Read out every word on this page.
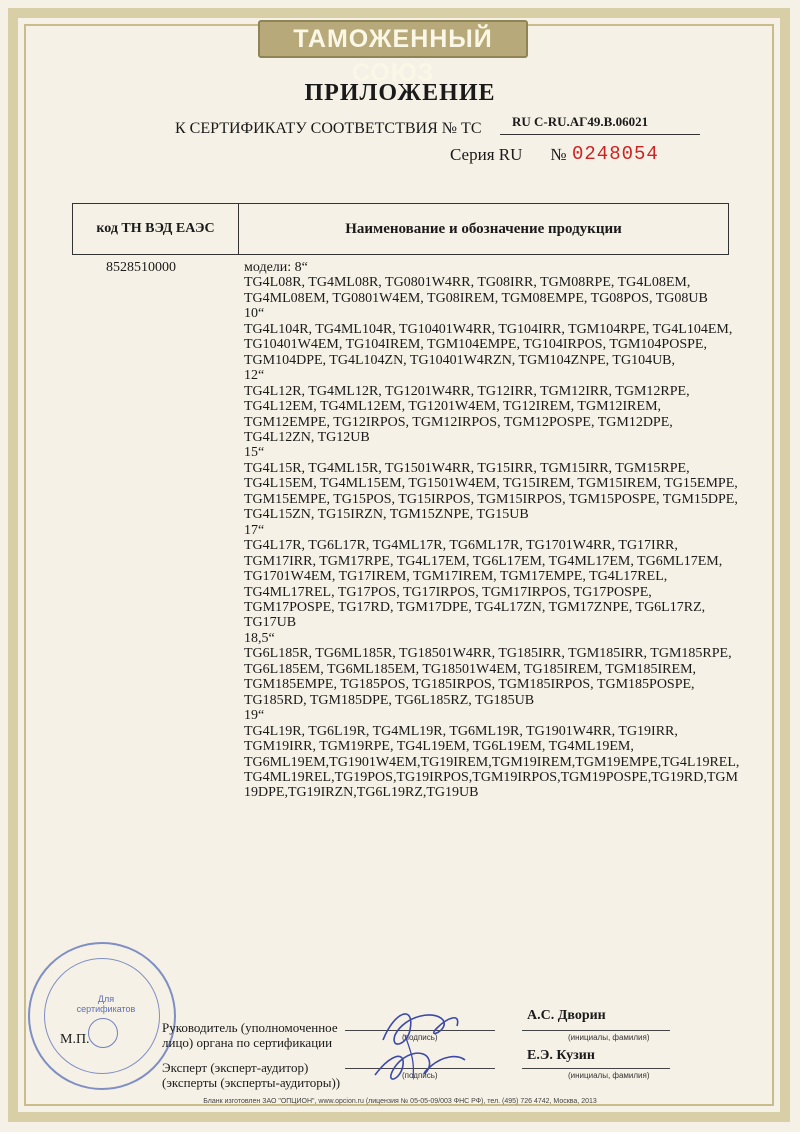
ТАМОЖЕННЫЙ СОЮЗ
ПРИЛОЖЕНИЕ
К СЕРТИФИКАТУ СООТВЕТСТВИЯ № ТС RU C-RU.АГ49.В.06021
Серия RU № 0248054
код ТН ВЭД ЕАЭС	Наименование и обозначение продукции
8528510000	модели: 8“
TG4L08R, TG4ML08R, TG0801W4RR, TG08IRR, TGM08RPE, TG4L08EM,
TG4ML08EM, TG0801W4EM, TG08IREM, TGM08EMPE, TG08POS, TG08UB
10“
TG4L104R, TG4ML104R, TG10401W4RR, TG104IRR, TGM104RPE, TG4L104EM,
TG10401W4EM, TG104IREM, TGM104EMPE, TG104IRPOS, TGM104POSPE,
TGM104DPE, TG4L104ZN, TG10401W4RZN, TGM104ZNPE, TG104UB,
12“
TG4L12R, TG4ML12R, TG1201W4RR, TG12IRR, TGM12IRR, TGM12RPE,
TG4L12EM, TG4ML12EM, TG1201W4EM, TG12IREM, TGM12IREM,
TGM12EMPE, TG12IRPOS, TGM12IRPOS, TGM12POSPE, TGM12DPE,
TG4L12ZN, TG12UB
15“
TG4L15R, TG4ML15R, TG1501W4RR, TG15IRR, TGM15IRR, TGM15RPE,
TG4L15EM, TG4ML15EM, TG1501W4EM, TG15IREM, TGM15IREM, TG15EMPE,
TGM15EMPE, TG15POS, TG15IRPOS, TGM15IRPOS, TGM15POSPE, TGM15DPE,
TG4L15ZN, TG15IRZN, TGM15ZNPE, TG15UB
17“
TG4L17R, TG6L17R, TG4ML17R, TG6ML17R, TG1701W4RR, TG17IRR,
TGM17IRR, TGM17RPE, TG4L17EM, TG6L17EM, TG4ML17EM, TG6ML17EM,
TG1701W4EM, TG17IREM, TGM17IREM, TGM17EMPE, TG4L17REL,
TG4ML17REL, TG17POS, TG17IRPOS, TGM17IRPOS, TG17POSPE,
TGM17POSPE, TG17RD, TGM17DPE, TG4L17ZN, TGM17ZNPE, TG6L17RZ,
TG17UB
18,5“
TG6L185R, TG6ML185R, TG18501W4RR, TG185IRR, TGM185IRR, TGM185RPE,
TG6L185EM, TG6ML185EM, TG18501W4EM, TG185IREM, TGM185IREM,
TGM185EMPE, TG185POS, TG185IRPOS, TGM185IRPOS, TGM185POSPE,
TG185RD, TGM185DPE, TG6L185RZ, TG185UB
19“
TG4L19R, TG6L19R, TG4ML19R, TG6ML19R, TG1901W4RR, TG19IRR,
TGM19IRR, TGM19RPE, TG4L19EM, TG6L19EM, TG4ML19EM,
TG6ML19EM,TG1901W4EM,TG19IREM,TGM19IREM,TGM19EMPE,TG4L19REL,
TG4ML19REL,TG19POS,TG19IRPOS,TGM19IRPOS,TGM19POSPE,TG19RD,TGM
19DPE,TG19IRZN,TG6L19RZ,TG19UB
Для сертификатов
М.П.
Руководитель (уполномоченное
лицо) органа по сертификации	(подпись)
А.С. Дворин
(инициалы, фамилия)
Эксперт (эксперт-аудитор)
(эксперты (эксперты-аудиторы))	(подпись)
Е.Э. Кузин
(инициалы, фамилия)
Бланк изготовлен ЗАО "ОПЦИОН", www.opcion.ru (лицензия № 05-05-09/003 ФНС РФ), тел. (495) 726 4742, Москва, 2013
